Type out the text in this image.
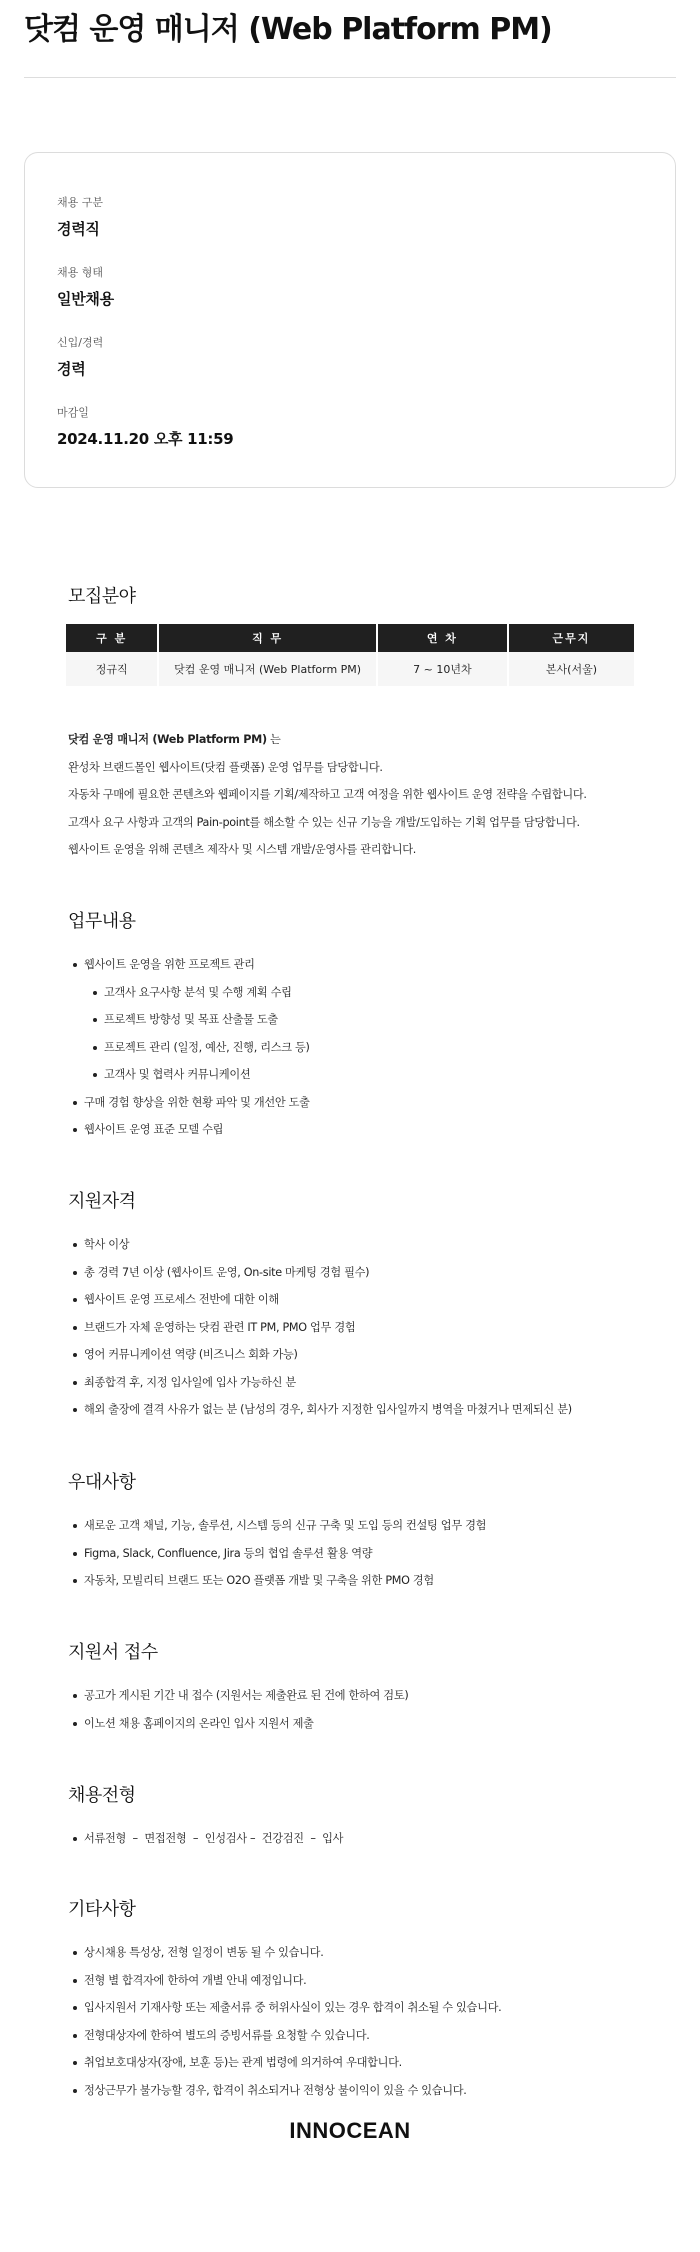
닷컴 운영 매니저 (Web Platform PM)
채용 구분
경력직
채용 형태
일반채용
신입/경력
경력
마감일
2024.11.20 오후 11:59
모집분야
구 분	직 무	연 차	근무지
정규직	닷컴 운영 매니저 (Web Platform PM)	7 ~ 10년차	본사(서울)

닷컴 운영 매니저 (Web Platform PM) 는

완성차 브랜드몰인 웹사이트(닷컴 플랫폼) 운영 업무를 담당합니다.

자동차 구매에 필요한 콘텐츠와 웹페이지를 기획/제작하고 고객 여정을 위한 웹사이트 운영 전략을 수립합니다.

고객사 요구 사항과 고객의 Pain-point를 해소할 수 있는 신규 기능을 개발/도입하는 기획 업무를 담당합니다.

웹사이트 운영을 위해 콘텐츠 제작사 및 시스템 개발/운영사를 관리합니다.

업무내용
웹사이트 운영을 위한 프로젝트 관리
고객사 요구사항 분석 및 수행 계획 수립
프로젝트 방향성 및 목표 산출물 도출
프로젝트 관리 (일정, 예산, 진행, 리스크 등)
고객사 및 협력사 커뮤니케이션
구매 경험 향상을 위한 현황 파악 및 개선안 도출
웹사이트 운영 표준 모델 수립
지원자격
학사 이상
총 경력 7년 이상 (웹사이트 운영, On-site 마케팅 경험 필수)
웹사이트 운영 프로세스 전반에 대한 이해
브랜드가 자체 운영하는 닷컴 관련 IT PM, PMO 업무 경험
영어 커뮤니케이션 역량 (비즈니스 회화 가능)
최종합격 후, 지정 입사일에 입사 가능하신 분
해외 출장에 결격 사유가 없는 분 (남성의 경우, 회사가 지정한 입사일까지 병역을 마쳤거나 면제되신 분)
우대사항
새로운 고객 채널, 기능, 솔루션, 시스템 등의 신규 구축 및 도입 등의 컨설팅 업무 경험
Figma, Slack, Confluence, Jira 등의 협업 솔루션 활용 역량
자동차, 모빌리티 브랜드 또는 O2O 플랫폼 개발 및 구축을 위한 PMO 경험
지원서 접수
공고가 게시된 기간 내 접수 (지원서는 제출완료 된 건에 한하여 검토)
이노션 채용 홈페이지의 온라인 입사 지원서 제출
채용전형
서류전형  –  면접전형  –  인성검사 –  건강검진  –  입사
기타사항
상시채용 특성상, 전형 일정이 변동 될 수 있습니다.
전형 별 합격자에 한하여 개별 안내 예정입니다.
입사지원서 기재사항 또는 제출서류 중 허위사실이 있는 경우 합격이 취소될 수 있습니다.
전형대상자에 한하여 별도의 증빙서류를 요청할 수 있습니다.
취업보호대상자(장애, 보훈 등)는 관계 법령에 의거하여 우대합니다.
정상근무가 불가능할 경우, 합격이 취소되거나 전형상 불이익이 있을 수 있습니다.
INNOCEAN
